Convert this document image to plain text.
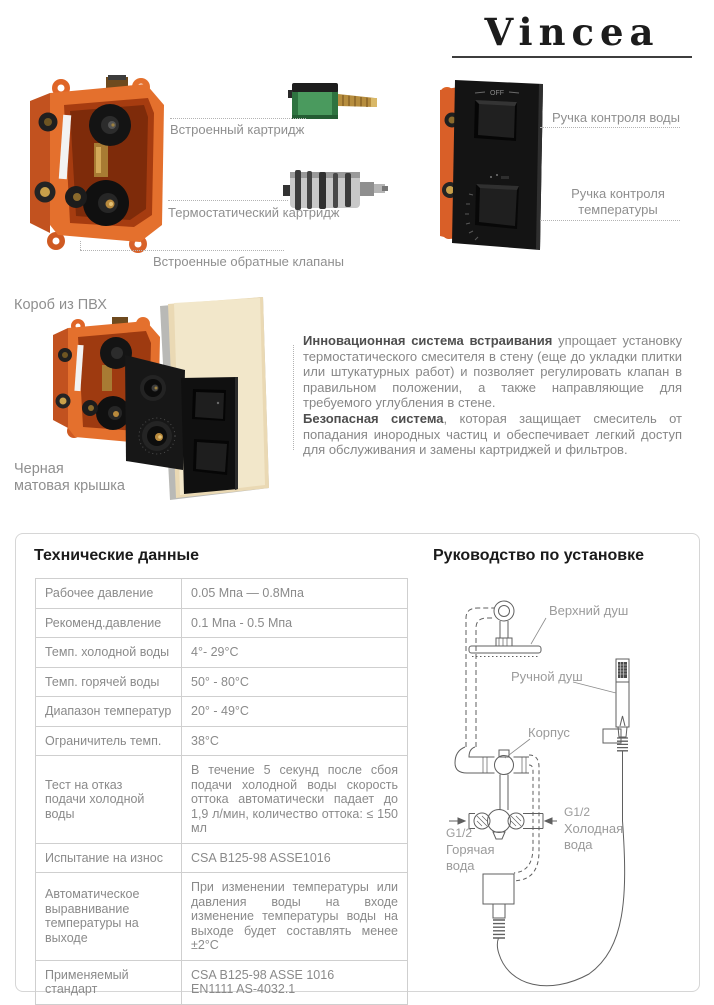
Vincea
OFF
Встроенный картридж
Термостатический картридж
Встроенные обратные клапаны
Ручка контроля воды
Ручка контроля
температуры
Короб из ПВХ
Черная
матовая крышка

Инновационная система встраивания упрощает установку термостатического смесителя в стену (еще до укладки плитки или штукатурных работ) и позволяет регулировать клапан в правильном положении, а также направляющие для требуемого углубления в стене.

Безопасная система, которая защищает смеситель от попадания инородных частиц и обеспечивает легкий доступ для обслуживания и замены картриджей и фильтров.

Технические данные
Рабочее давление	0.05 Мпа — 0.8Мпа
Рекоменд.давление	0.1 Мпа - 0.5 Мпа
Темп. холодной воды	4°- 29°C
Темп. горячей воды	50° - 80°C
Диапазон температур	20° - 49°C
Ограничитель темп.	38°C
Тест на отказ
подачи холодной воды	В течение 5 секунд после сбоя подачи холодной воды скорость оттока автоматически падает до 1,9 л/мин, количество оттока: ≤ 150 мл
Испытание на износ	CSA B125-98 ASSE1016
Автоматическое выравнивание температуры на выходе	При изменении температуры или давления воды на входе изменение температуры воды на выходе будет составлять менее ±2°C
Применяемый
стандарт	CSA B125-98 ASSE 1016
EN1111 AS-4032.1
Руководство по установке
Верхний душ
Ручной душ
Корпус
G1/2
Холодная
вода
G1/2
Горячая
вода
